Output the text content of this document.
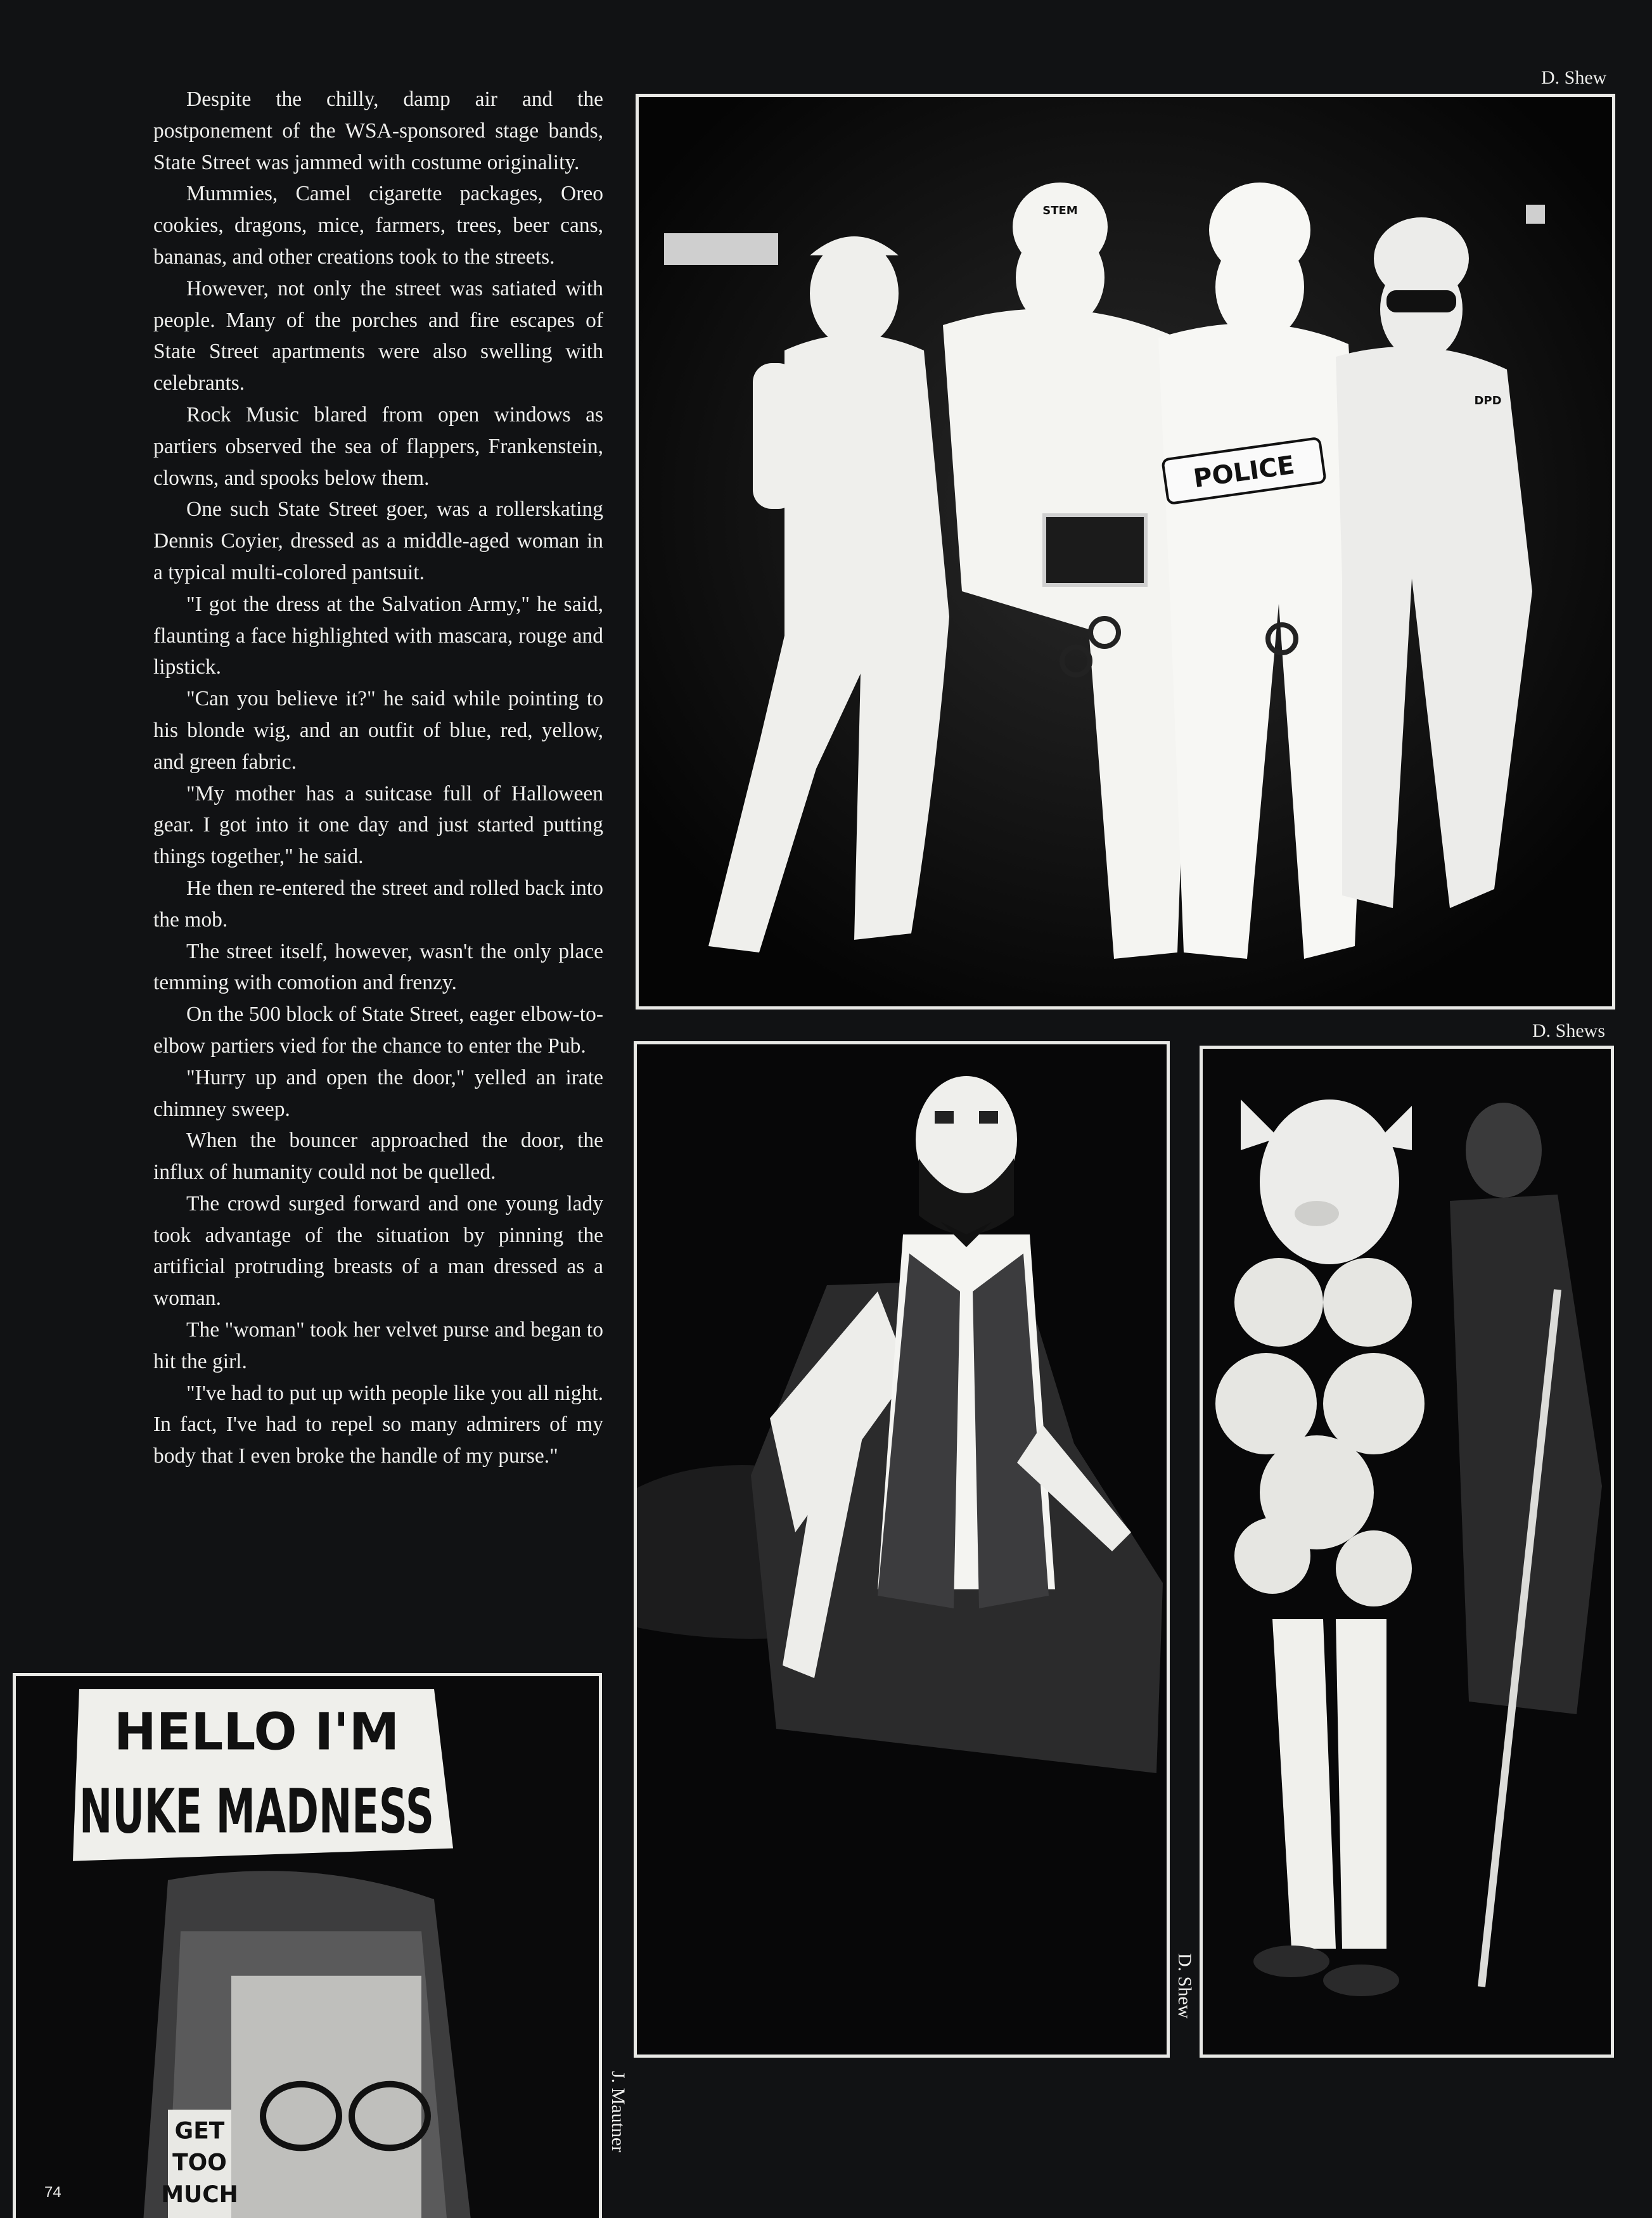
Despite the chilly, damp air and the postponement of the WSA-sponsored stage bands, State Street was jammed with costume originality.

Mummies, Camel cigarette packages, Oreo cookies, dragons, mice, farmers, trees, beer cans, bananas, and other creations took to the streets.

However, not only the street was satiated with people. Many of the porches and fire escapes of State Street apartments were also swelling with celebrants.

Rock Music blared from open windows as partiers observed the sea of flappers, Frankenstein, clowns, and spooks below them.

One such State Street goer, was a rollerskating Dennis Coyier, dressed as a middle-aged woman in a typical multi-colored pantsuit.

"I got the dress at the Salvation Army," he said, flaunting a face highlighted with mascara, rouge and lipstick.

"Can you believe it?" he said while pointing to his blonde wig, and an outfit of blue, red, yellow, and green fabric.

"My mother has a suitcase full of Halloween gear. I got into it one day and just started putting things together," he said.

He then re-entered the street and rolled back into the mob.

The street itself, however, wasn't the only place temming with comotion and frenzy.

On the 500 block of State Street, eager elbow-to-elbow partiers vied for the chance to enter the Pub.

"Hurry up and open the door," yelled an irate chimney sweep.

When the bouncer approached the door, the influx of humanity could not be quelled.

The crowd surged forward and one young lady took advantage of the situation by pinning the artificial protruding breasts of a man dressed as a woman.

The "woman" took her velvet purse and began to hit the girl.

"I've had to put up with people like you all night. In fact, I've had to repel so many admirers of my body that I even broke the handle of my purse."

D. Shew
POLICE
STEM
DPD
D. Shews
D. Shew
HELLO I'M
NUKE MADNESS
GET
TOO
MUCH
J. Mautner
74
